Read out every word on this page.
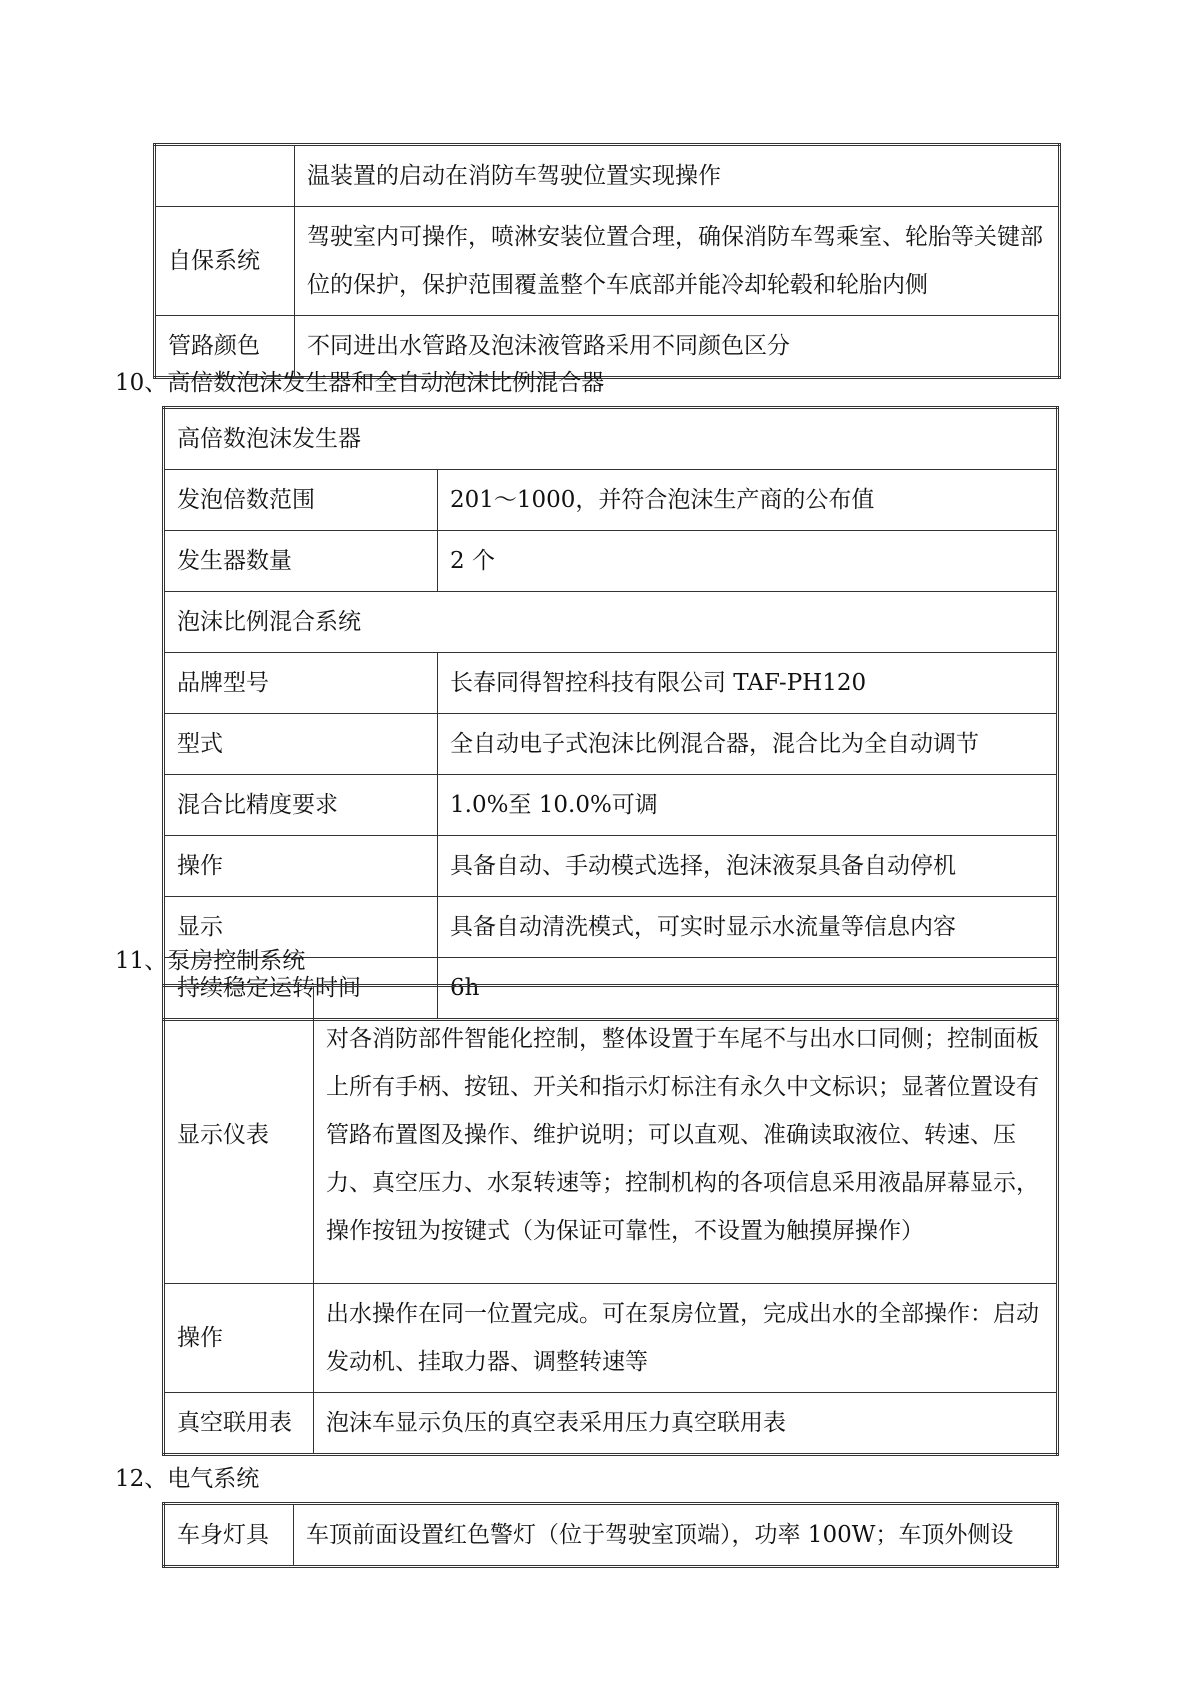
	温装置的启动在消防车驾驶位置实现操作
自保系统	驾驶室内可操作，喷淋安装位置合理，确保消防车驾乘室、轮胎等关键部位的保护，保护范围覆盖整个车底部并能冷却轮毂和轮胎内侧
管路颜色	不同进出水管路及泡沫液管路采用不同颜色区分
10、高倍数泡沫发生器和全自动泡沫比例混合器
高倍数泡沫发生器	
发泡倍数范围	201～1000，并符合泡沫生产商的公布值
发生器数量	2 个
泡沫比例混合系统	
品牌型号	长春同得智控科技有限公司 TAF-PH120
型式	全自动电子式泡沫比例混合器，混合比为全自动调节
混合比精度要求	1.0%至 10.0%可调
操作	具备自动、手动模式选择，泡沫液泵具备自动停机
显示	具备自动清洗模式，可实时显示水流量等信息内容
持续稳定运转时间	6h
11、泵房控制系统
显示仪表	对各消防部件智能化控制，整体设置于车尾不与出水口同侧；控制面板上所有手柄、按钮、开关和指示灯标注有永久中文标识；显著位置设有管路布置图及操作、维护说明；可以直观、准确读取液位、转速、压力、真空压力、水泵转速等；控制机构的各项信息采用液晶屏幕显示，操作按钮为按键式（为保证可靠性，不设置为触摸屏操作）
操作	出水操作在同一位置完成。可在泵房位置，完成出水的全部操作：启动发动机、挂取力器、调整转速等
真空联用表	泡沫车显示负压的真空表采用压力真空联用表
12、电气系统
车身灯具	车顶前面设置红色警灯（位于驾驶室顶端），功率 100W；车顶外侧设
